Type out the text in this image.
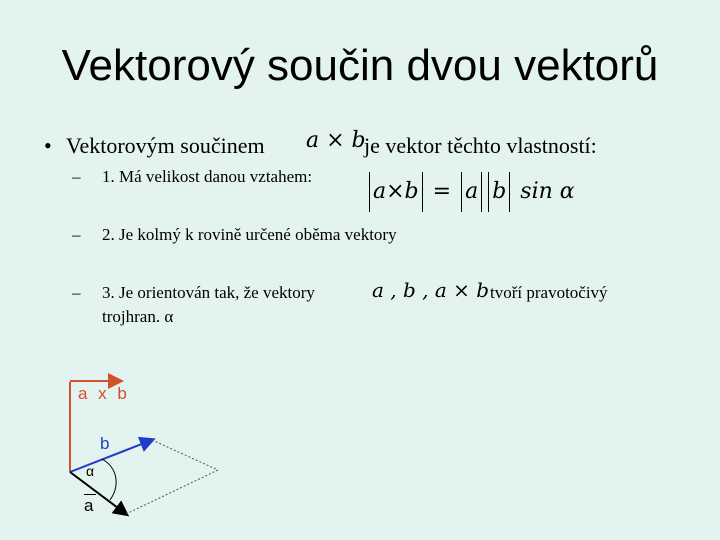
Vektorový součin dvou vektorů
• Vektorovým součinem a × b
je vektor těchto vlastností:
– 1. Má velikost danou vztahem:
a×b = a b sin α
– 2. Je kolmý k rovině určené oběma vektory
– 3. Je orientován tak, že vektory
trojhran. α
a , b , a × b tvoří pravotočivý
a x b
b
α
a
